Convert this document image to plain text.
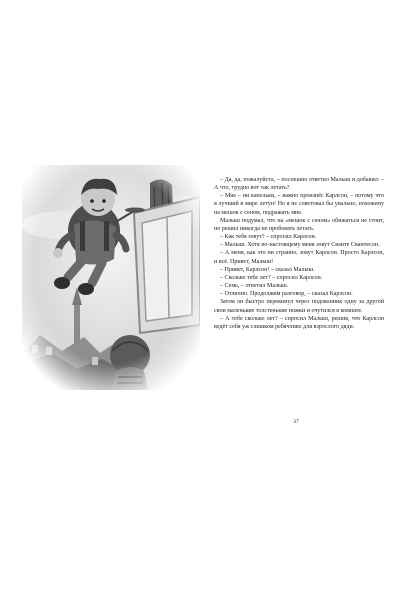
– Да, да, пожалуйста, – поспешно ответил Малыш и добавил: – А что, трудно вот так летать?

– Мне – ни капельки, – важно произнёс Карлсон, – потому что я лучший в мире летун! Но я не советовал бы увально, похожему на мешок с сеном, подражать мне.

Малыш подумал, что на «мешок с сеном» обижаться не стоит, но решил никогда не пробовать летать.

– Как тебя зовут? – спросил Карлсон.

– Малыш. Хотя по-настоящему меня зовут Сванте Свантесон.

– А меня, как это ни странно, зовут Карлсон. Просто Карлсон, и всё. Привет, Малыш!

– Привет, Карлсон! – сказал Малыш.

– Сколько тебе лет? – спросил Карлсон.

– Семь, – ответил Малыш.

– Отлично. Продолжим разговор, – сказал Карлсон.

Затем он быстро перекинул через подоконник одну за другой свои маленькие толстенькие ножки и очутился в комнате.

– А тебе сколько лет? – спросил Малыш, решив, что Карлсон ведёт себя уж слишком ребячливо для взрослого дяди.

37
